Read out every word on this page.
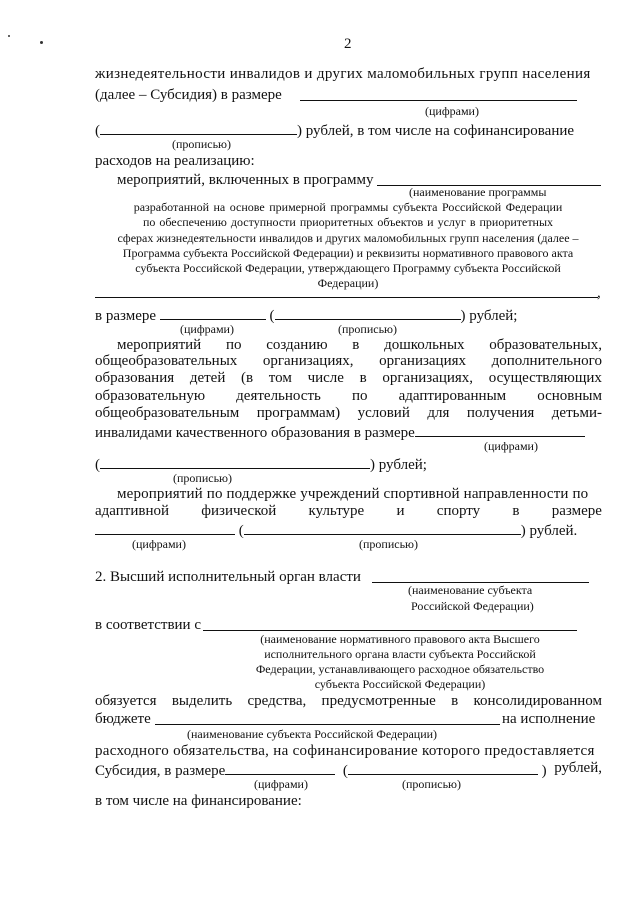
2
жизнедеятельности инвалидов и других маломобильных групп населения
(далее – Субсидия) в размере
(цифрами)
(	) рублей, в том числе на софинансирование
(прописью)
расходов на реализацию:
мероприятий, включенных в программу
(наименование программы
разработанной на основе примерной программы субъекта Российской Федерации
по обеспечению доступности приоритетных объектов и услуг в приоритетных
сферах жизнедеятельности инвалидов и других маломобильных групп населения (далее –
Программа субъекта Российской Федерации) и реквизиты нормативного правового акта
субъекта Российской Федерации, утверждающего Программу субъекта Российской
Федерации)
,
в размере	(	) рублей;
(цифрами)	(прописью)
мероприятий по созданию в дошкольных образовательных,
общеобразовательных организациях, организациях дополнительного
образования детей (в том числе в организациях, осуществляющих
образовательную деятельность по адаптированным основным
общеобразовательным программам) условий для получения детьми-
инвалидами качественного образования в размере
(цифрами)
(	) рублей;
(прописью)
мероприятий по поддержке учреждений спортивной направленности по
адаптивной физической культуре и спорту в размере
(	) рублей.
(цифрами)	(прописью)
2. Высший исполнительный орган власти
(наименование субъекта
Российской Федерации)
в соответствии с
(наименование нормативного правового акта Высшего
исполнительного органа власти субъекта Российской
Федерации, устанавливающего расходное обязательство
субъекта Российской Федерации)
обязуется выделить средства, предусмотренные в консолидированном
бюджете	на исполнение
(наименование субъекта Российской Федерации)
расходного обязательства, на софинансирование которого предоставляется
Субсидия, в размере	(	) рублей,
(цифрами)	(прописью)
в том числе на финансирование:
